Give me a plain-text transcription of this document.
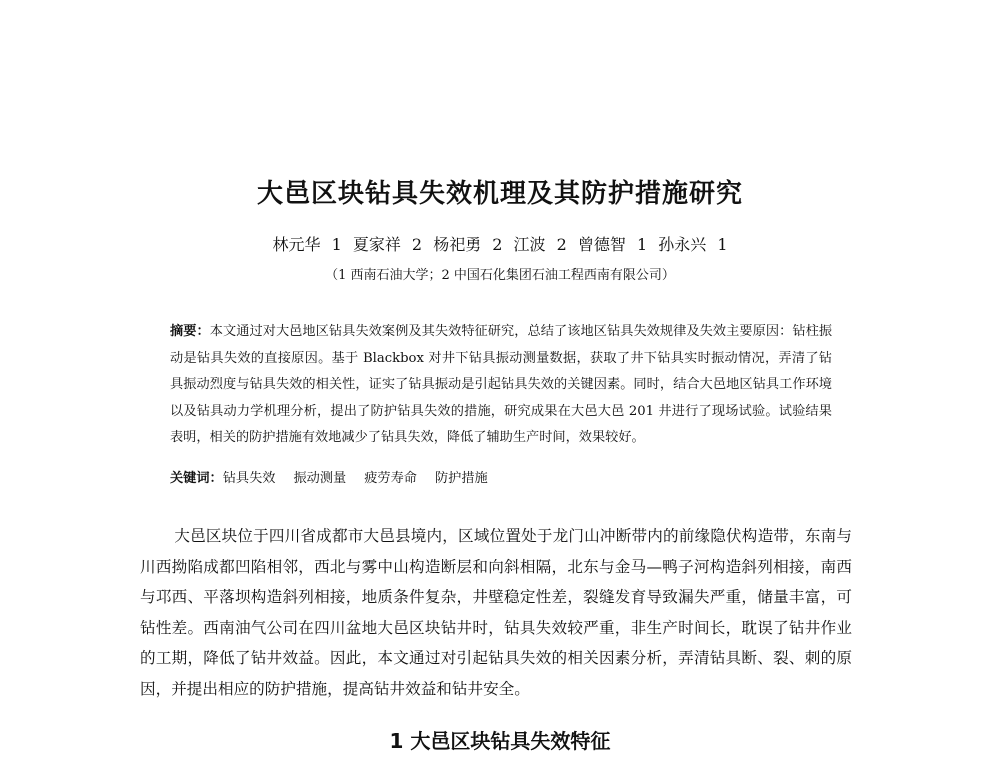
大邑区块钻具失效机理及其防护措施研究
林元华 1 夏家祥 2 杨祀勇 2 江波 2 曾德智 1 孙永兴 1
（1 西南石油大学；2 中国石化集团石油工程西南有限公司）

摘要：本文通过对大邑地区钻具失效案例及其失效特征研究，总结了该地区钻具失效规律及失效主要原因：钻柱振动是钻具失效的直接原因。基于 Blackbox 对井下钻具振动测量数据，获取了井下钻具实时振动情况，弄清了钻具振动烈度与钻具失效的相关性，证实了钻具振动是引起钻具失效的关键因素。同时，结合大邑地区钻具工作环境以及钻具动力学机理分析，提出了防护钻具失效的措施，研究成果在大邑大邑 201 井进行了现场试验。试验结果表明，相关的防护措施有效地减少了钻具失效，降低了辅助生产时间，效果较好。

关键词：钻具失效 振动测量 疲劳寿命 防护措施

大邑区块位于四川省成都市大邑县境内，区域位置处于龙门山冲断带内的前缘隐伏构造带，东南与川西拗陷成都凹陷相邻，西北与雾中山构造断层和向斜相隔，北东与金马—鸭子河构造斜列相接，南西与邛西、平落坝构造斜列相接，地质条件复杂，井壁稳定性差，裂缝发育导致漏失严重，储量丰富，可钻性差。西南油气公司在四川盆地大邑区块钻井时，钻具失效较严重，非生产时间长，耽误了钻井作业的工期，降低了钻井效益。因此，本文通过对引起钻具失效的相关因素分析，弄清钻具断、裂、刺的原因，并提出相应的防护措施，提高钻井效益和钻井安全。

1 大邑区块钻具失效特征
